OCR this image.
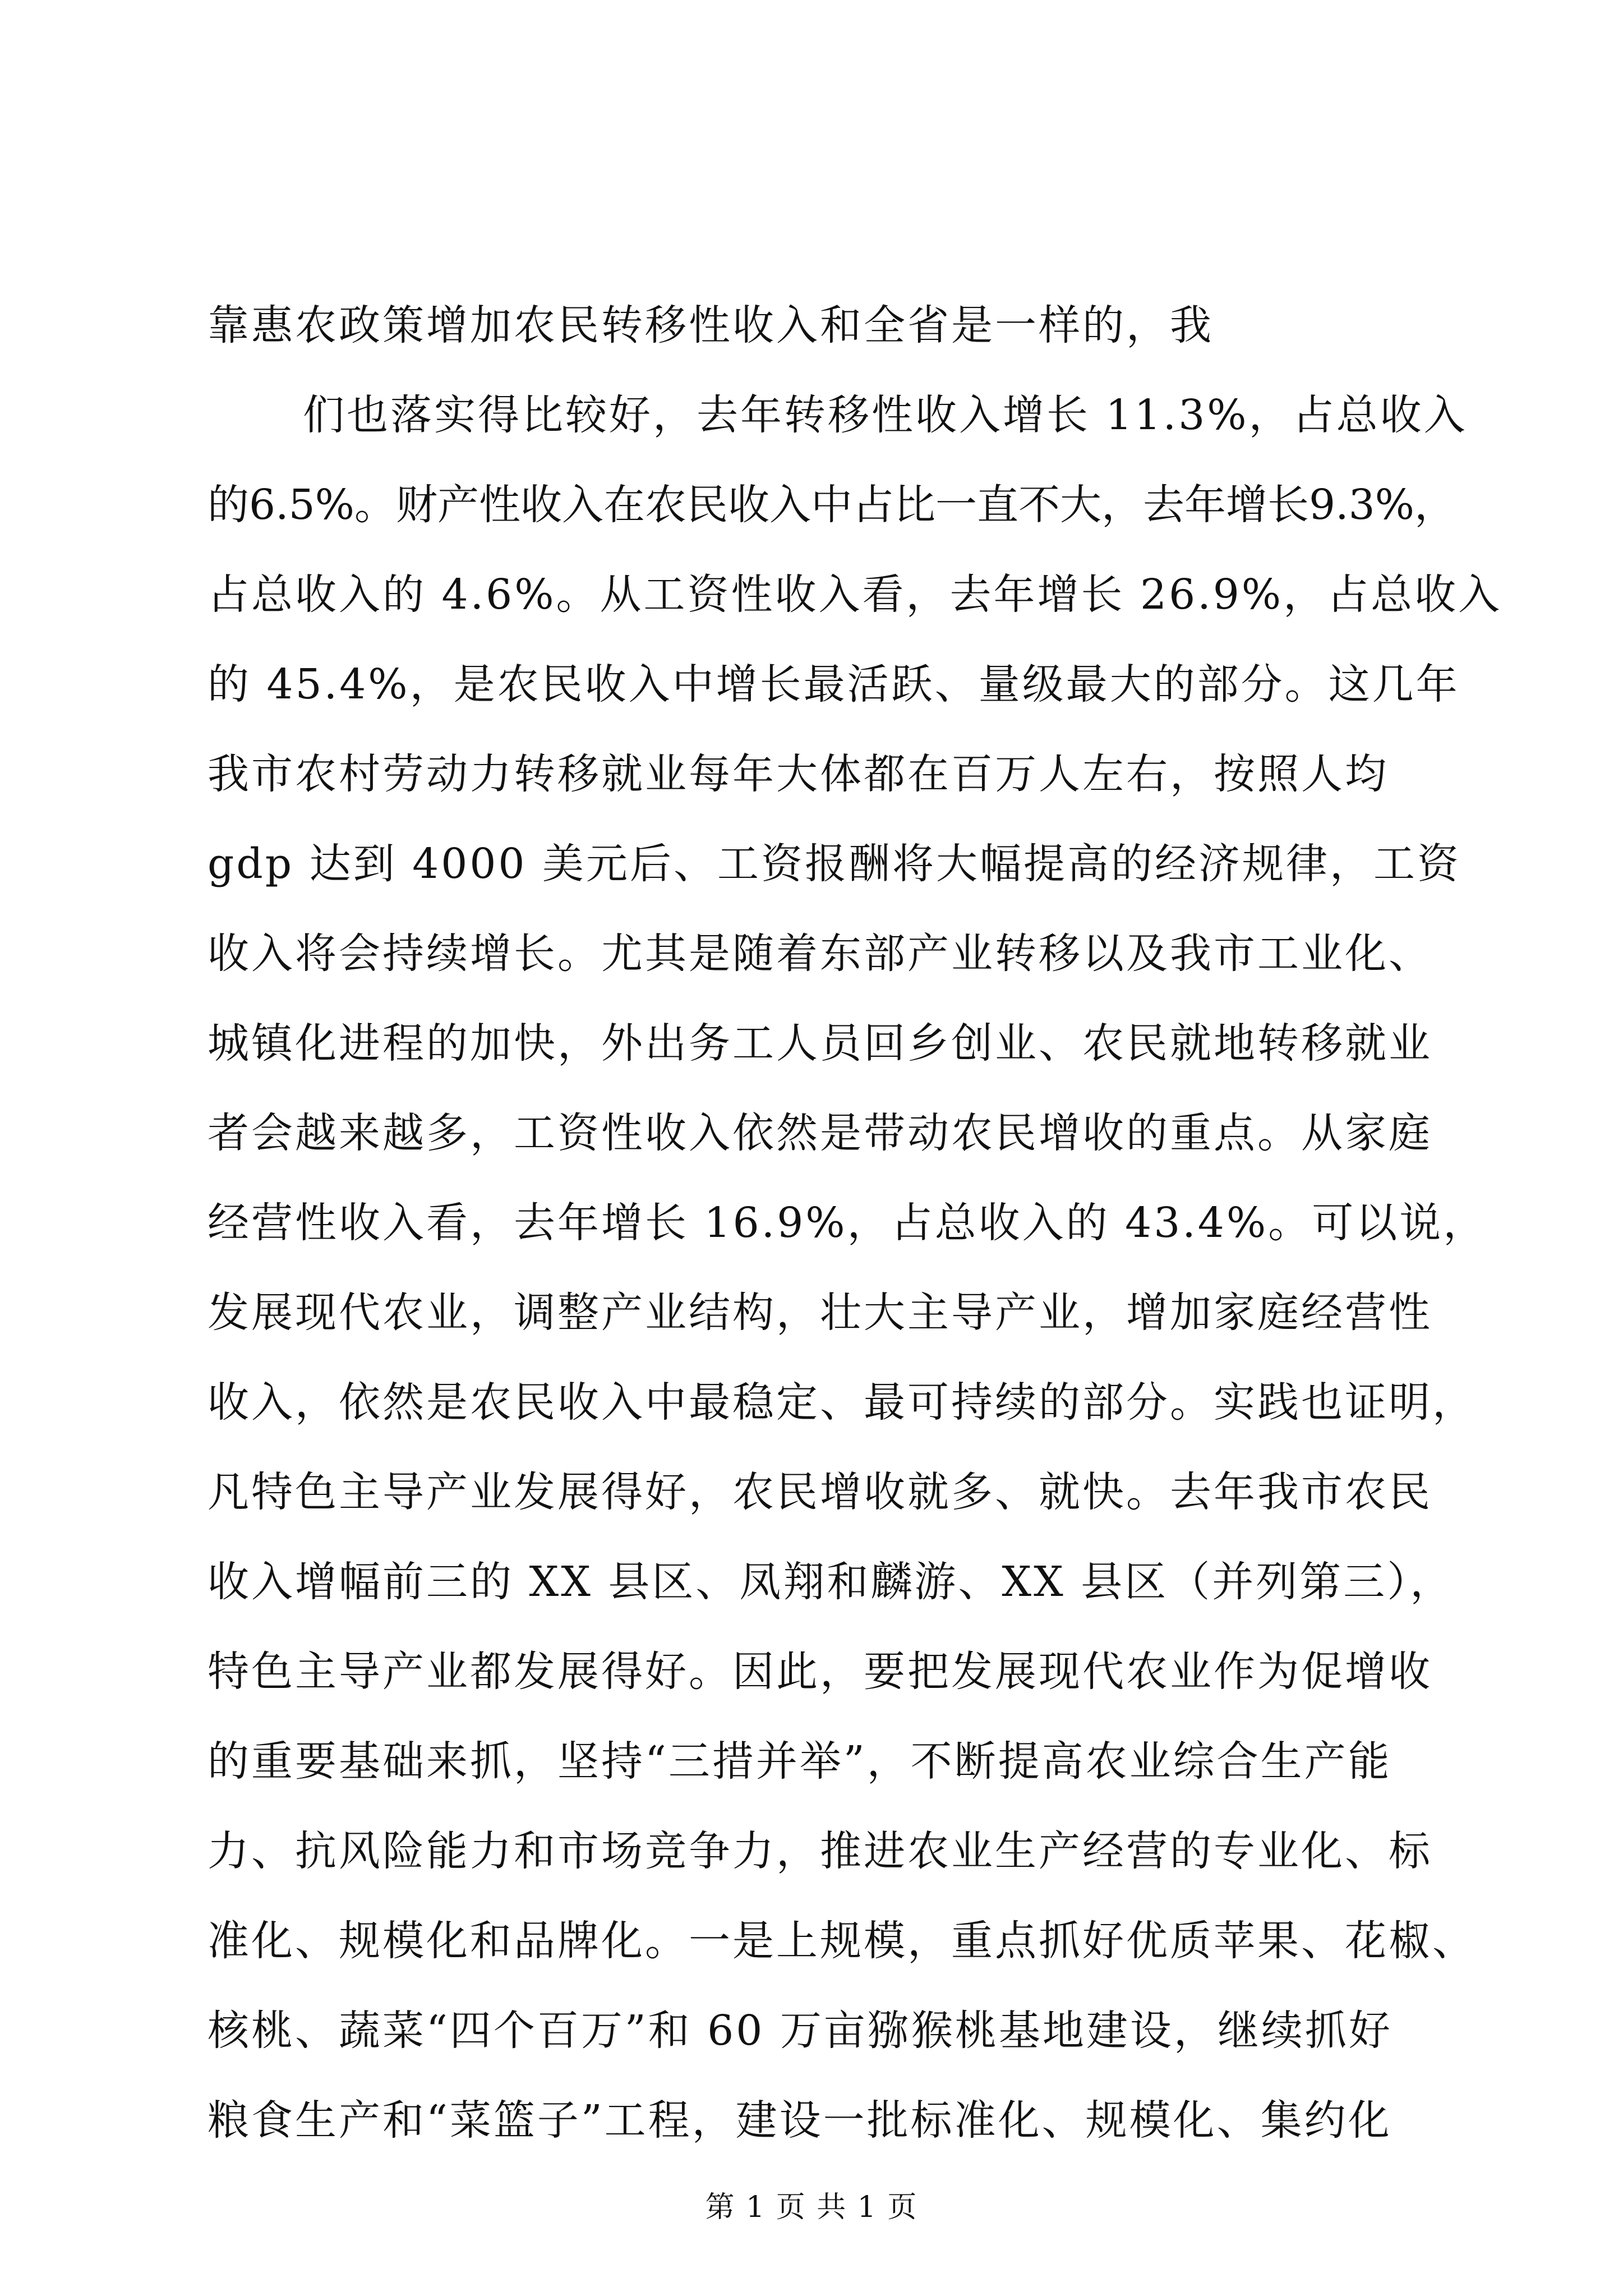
靠惠农政策增加农民转移性收入和全省是一样的，我
们也落实得比较好，去年转移性收入增长 11.3%，占总收入
的6.5%。财产性收入在农民收入中占比一直不大，去年增长9.3%，
占总收入的 4.6%。从工资性收入看，去年增长 26.9%，占总收入
的 45.4%，是农民收入中增长最活跃、量级最大的部分。这几年
我市农村劳动力转移就业每年大体都在百万人左右，按照人均
gdp 达到 4000 美元后、工资报酬将大幅提高的经济规律，工资
收入将会持续增长。尤其是随着东部产业转移以及我市工业化、
城镇化进程的加快，外出务工人员回乡创业、农民就地转移就业
者会越来越多，工资性收入依然是带动农民增收的重点。从家庭
经营性收入看，去年增长 16.9%，占总收入的 43.4%。可以说，
发展现代农业，调整产业结构，壮大主导产业，增加家庭经营性
收入，依然是农民收入中最稳定、最可持续的部分。实践也证明，
凡特色主导产业发展得好，农民增收就多、就快。去年我市农民
收入增幅前三的 XX 县区、凤翔和麟游、XX 县区（并列第三），
特色主导产业都发展得好。因此，要把发展现代农业作为促增收
的重要基础来抓，坚持“三措并举”，不断提高农业综合生产能
力、抗风险能力和市场竞争力，推进农业生产经营的专业化、标
准化、规模化和品牌化。一是上规模，重点抓好优质苹果、花椒、
核桃、蔬菜“四个百万”和 60 万亩猕猴桃基地建设，继续抓好
粮食生产和“菜篮子”工程，建设一批标准化、规模化、集约化
第 1 页 共 1 页
